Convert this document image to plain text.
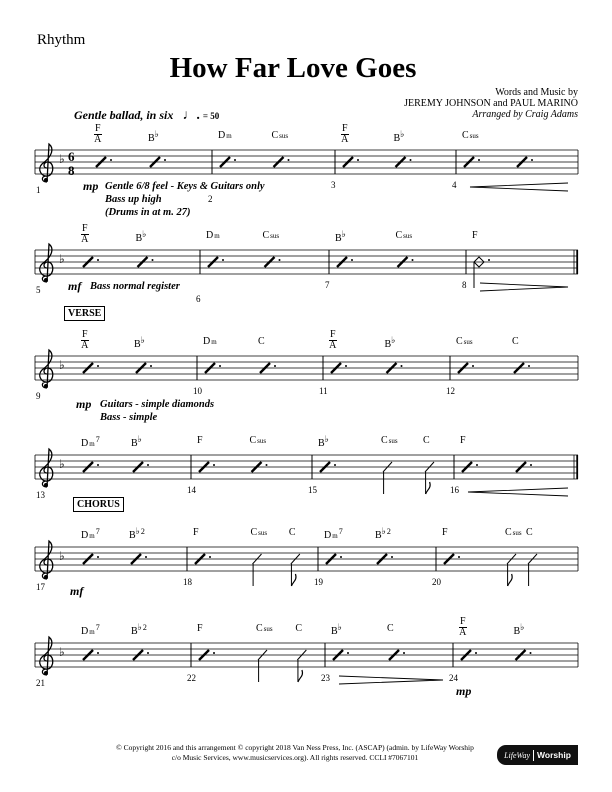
Rhythm
How Far Love Goes
Words and Music by
JEREMY JOHNSON and PAUL MARINO
Arranged by Craig Adams
Gentle ballad, in six ♩. = 50
♭ 6
8
♭
♭
♭
♭
♭
1
F
A	B♭
2
Dm	Csus
3
F
A	B♭
4
Csus
mp Gentle 6/8 feel - Keys & Guitars only
Bass up high
(Drums in at m. 27)
5
F
A	B♭
6
Dm	Csus
7
B♭	Csus
8
F
mf Bass normal register
VERSE
9
F
A	B♭
10
Dm	C
11
F
A	B♭
12
Csus	C
mp Guitars - simple diamonds
Bass - simple
13
Dm$^7$	B♭
14
F	Csus
15
B♭	Csus	C
16
F
CHORUS
17
Dm$^7$	B♭$^2$
18
F	Csus C
19
Dm$^7$	B♭$^2$
20
F	Csus C
mf
21
Dm$^7$	B♭$^2$
22
F	Csus C
23
B♭	C
24
F
A	B♭
mp
© Copyright 2016 and this arrangement © copyright 2018 Van Ness Press, Inc. (ASCAP) (admin. by LifeWay Worship
c/o Music Services, www.musicservices.org). All rights reserved. CCLI #7067101	LifeWay Worship
